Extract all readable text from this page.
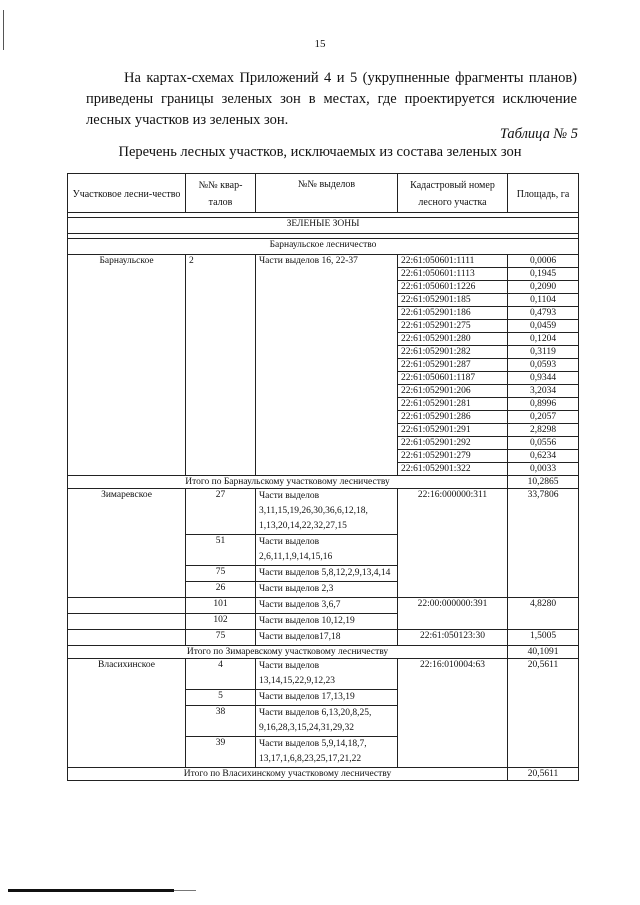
15
На картах-схемах Приложений 4 и 5 (укрупненные фрагменты планов) приведены границы зеленых зон в местах, где проектируется исключение лесных участков из зеленых зон.
Таблица № 5
Перечень лесных участков, исключаемых из состава зеленых зон
Участковое лесни-чество	№№ квар-талов	№№ выделов	Кадастровый номер лесного участка	Площадь, га

ЗЕЛЕНЫЕ ЗОНЫ				

Барнаульское лесничество				
Барнаульское	2	Части выделов 16, 22-37	22:61:050601:1111	0,0006
			22:61:050601:1113	0,1945
			22:61:050601:1226	0,2090
			22:61:052901:185	0,1104
			22:61:052901:186	0,4793
			22:61:052901:275	0,0459
			22:61:052901:280	0,1204
			22:61:052901:282	0,3119
			22:61:052901:287	0,0593
			22:61:050601:1187	0,9344
			22:61:052901:206	3,2034
			22:61:052901:281	0,8996
			22:61:052901:286	0,2057
			22:61:052901:291	2,8298
			22:61:052901:292	0,0556
			22:61:052901:279	0,6234
			22:61:052901:322	0,0033
Итого по Барнаульскому участковому лесничеству				10,2865
Зимаревское	27	Части выделов 3,11,15,19,26,30,36,6,12,18, 1,13,20,14,22,32,27,15	22:16:000000:311	33,7806
	51	Части выделов 2,6,11,1,9,14,15,16		
	75	Части выделов 5,8,12,2,9,13,4,14		
	26	Части выделов 2,3		
	101	Части выделов 3,6,7	22:00:000000:391	4,8280
	102	Части выделов 10,12,19		
	75	Части выделов17,18	22:61:050123:30	1,5005
Итого по Зимаревскому участковому лесничеству				40,1091
Власихинское	4	Части выделов 13,14,15,22,9,12,23	22:16:010004:63	20,5611
	5	Части выделов 17,13,19		
	38	Части выделов 6,13,20,8,25, 9,16,28,3,15,24,31,29,32		
	39	Части выделов 5,9,14,18,7, 13,17,1,6,8,23,25,17,21,22		
Итого по Власихинскому участковому лесничеству				20,5611
